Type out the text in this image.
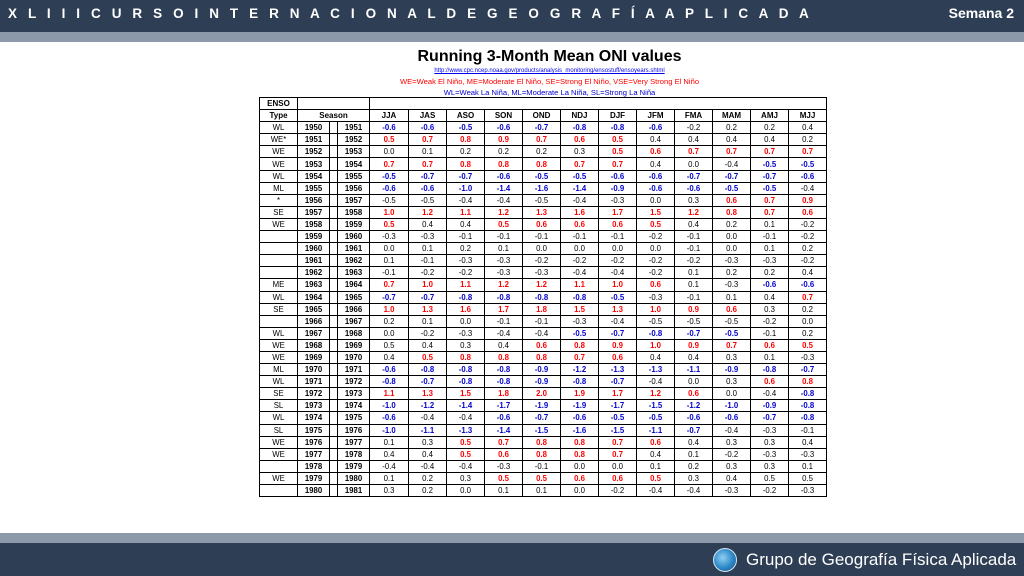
X L I I I C U R S O I N T E R N A C I O N A L D E G E O G R A F Í A A P L I C A D A	Semana 2
Running 3-Month Mean ONI values
http://www.cpc.ncep.noaa.gov/products/analysis_monitoring/ensostuff/ensoyears.shtml
WE=Weak El Niño, ME=Moderate El Niño, SE=Strong El Niño, VSE=Very Strong El Niño
WL=Weak La Niña, ML=Moderate La Niña, SL=Strong La Niña
ENSO															
Type	Season			JJA	JAS	ASO	SON	OND	NDJ	DJF	JFM	FMA	MAM	AMJ	MJJ
WL	1950		1951	-0.6	-0.6	-0.5	-0.6	-0.7	-0.8	-0.8	-0.6	-0.2	0.2	0.2	0.4
WE*	1951		1952	0.5	0.7	0.8	0.9	0.7	0.6	0.5	0.4	0.4	0.4	0.4	0.2
WE	1952		1953	0.0	0.1	0.2	0.2	0.2	0.3	0.5	0.6	0.7	0.7	0.7	0.7
WE	1953		1954	0.7	0.7	0.8	0.8	0.8	0.7	0.7	0.4	0.0	-0.4	-0.5	-0.5
WL	1954		1955	-0.5	-0.7	-0.7	-0.6	-0.5	-0.5	-0.6	-0.6	-0.7	-0.7	-0.7	-0.6
ML	1955		1956	-0.6	-0.6	-1.0	-1.4	-1.6	-1.4	-0.9	-0.6	-0.6	-0.5	-0.5	-0.4
*	1956		1957	-0.5	-0.5	-0.4	-0.4	-0.5	-0.4	-0.3	0.0	0.3	0.6	0.7	0.9
SE	1957		1958	1.0	1.2	1.1	1.2	1.3	1.6	1.7	1.5	1.2	0.8	0.7	0.6
WE	1958		1959	0.5	0.4	0.4	0.5	0.6	0.6	0.6	0.5	0.4	0.2	0.1	-0.2
	1959		1960	-0.3	-0.3	-0.1	-0.1	-0.1	-0.1	-0.1	-0.2	-0.1	0.0	-0.1	-0.2
	1960		1961	0.0	0.1	0.2	0.1	0.0	0.0	0.0	0.0	-0.1	0.0	0.1	0.2
	1961		1962	0.1	-0.1	-0.3	-0.3	-0.2	-0.2	-0.2	-0.2	-0.2	-0.3	-0.3	-0.2
	1962		1963	-0.1	-0.2	-0.2	-0.3	-0.3	-0.4	-0.4	-0.2	0.1	0.2	0.2	0.4
ME	1963		1964	0.7	1.0	1.1	1.2	1.2	1.1	1.0	0.6	0.1	-0.3	-0.6	-0.6
WL	1964		1965	-0.7	-0.7	-0.8	-0.8	-0.8	-0.8	-0.5	-0.3	-0.1	0.1	0.4	0.7
SE	1965		1966	1.0	1.3	1.6	1.7	1.8	1.5	1.3	1.0	0.9	0.6	0.3	0.2
	1966		1967	0.2	0.1	0.0	-0.1	-0.1	-0.3	-0.4	-0.5	-0.5	-0.5	-0.2	0.0
WL	1967		1968	0.0	-0.2	-0.3	-0.4	-0.4	-0.5	-0.7	-0.8	-0.7	-0.5	-0.1	0.2
WE	1968		1969	0.5	0.4	0.3	0.4	0.6	0.8	0.9	1.0	0.9	0.7	0.6	0.5
WE	1969		1970	0.4	0.5	0.8	0.8	0.8	0.7	0.6	0.4	0.4	0.3	0.1	-0.3
ML	1970		1971	-0.6	-0.8	-0.8	-0.8	-0.9	-1.2	-1.3	-1.3	-1.1	-0.9	-0.8	-0.7
WL	1971		1972	-0.8	-0.7	-0.8	-0.8	-0.9	-0.8	-0.7	-0.4	0.0	0.3	0.6	0.8
SE	1972		1973	1.1	1.3	1.5	1.8	2.0	1.9	1.7	1.2	0.6	0.0	-0.4	-0.8
SL	1973		1974	-1.0	-1.2	-1.4	-1.7	-1.9	-1.9	-1.7	-1.5	-1.2	-1.0	-0.9	-0.8
WL	1974		1975	-0.6	-0.4	-0.4	-0.6	-0.7	-0.6	-0.5	-0.5	-0.6	-0.6	-0.7	-0.8
SL	1975		1976	-1.0	-1.1	-1.3	-1.4	-1.5	-1.6	-1.5	-1.1	-0.7	-0.4	-0.3	-0.1
WE	1976		1977	0.1	0.3	0.5	0.7	0.8	0.8	0.7	0.6	0.4	0.3	0.3	0.4
WE	1977		1978	0.4	0.4	0.5	0.6	0.8	0.8	0.7	0.4	0.1	-0.2	-0.3	-0.3
	1978		1979	-0.4	-0.4	-0.4	-0.3	-0.1	0.0	0.0	0.1	0.2	0.3	0.3	0.1
WE	1979		1980	0.1	0.2	0.3	0.5	0.5	0.6	0.6	0.5	0.3	0.4	0.5	0.5
	1980		1981	0.3	0.2	0.0	0.1	0.1	0.0	-0.2	-0.4	-0.4	-0.3	-0.2	-0.3
Grupo de Geografía Física Aplicada
